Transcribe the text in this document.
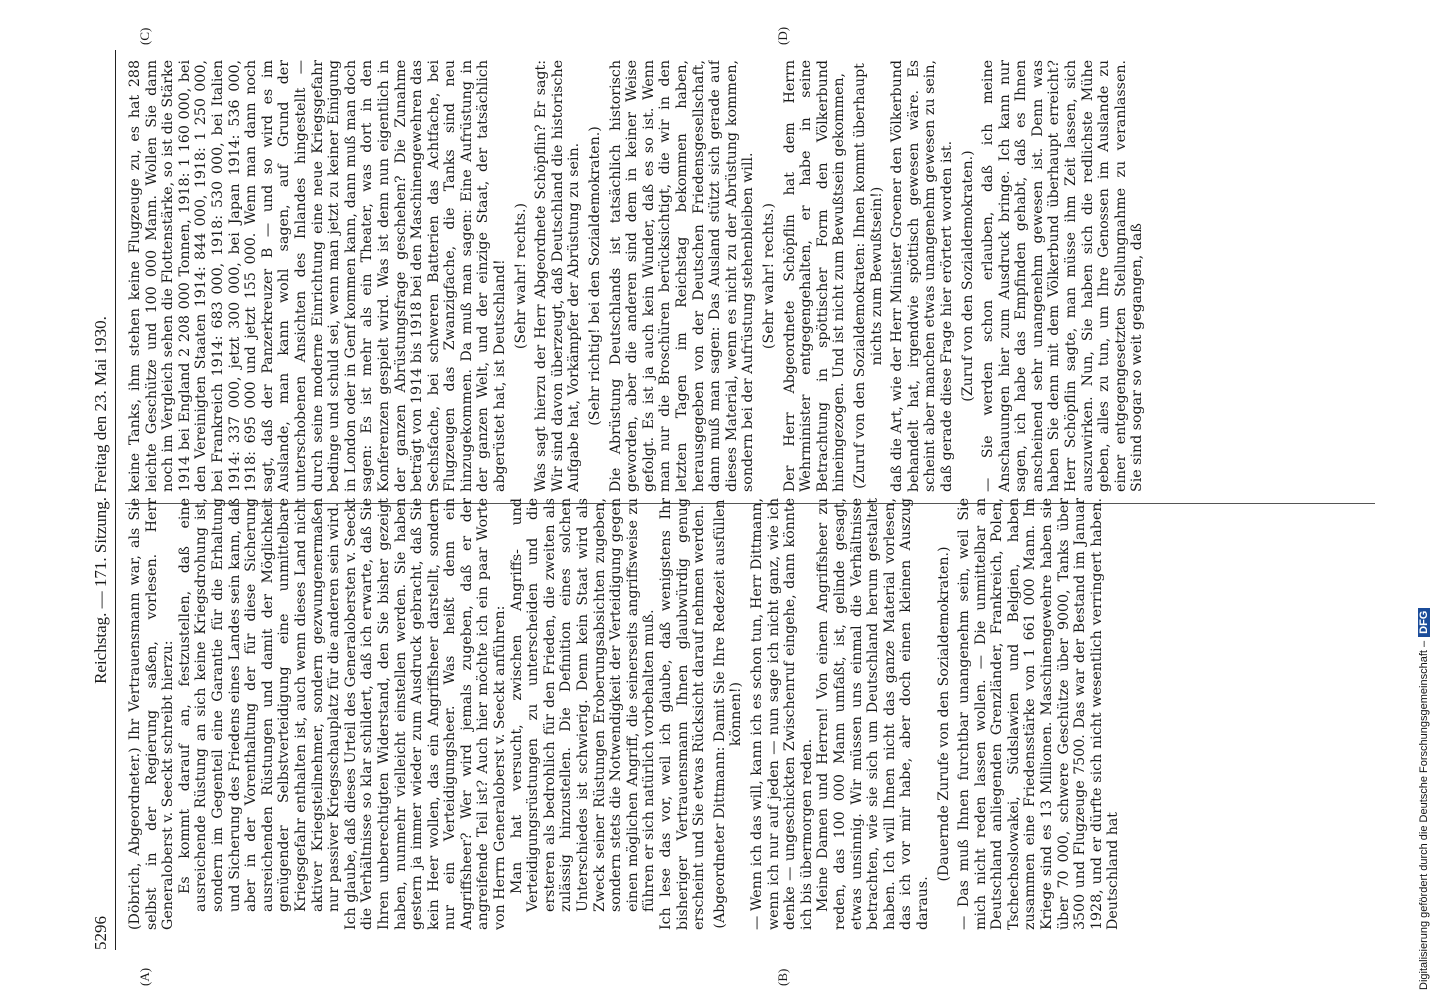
5296
Reichstag. — 171. Sitzung. Freitag den 23. Mai 1930.
(A)	(B)
(C)	(D)

(Döbrich, Abgeordneter.) Ihr Vertrauensmann war, als Sie selbst in der Regierung saßen, vorlesen. Herr Generaloberst v. Seeckt schreibt hierzu: Es kommt darauf an, festzustellen, daß eine ausreichende Rüstung an sich keine Kriegsdrohung ist, sondern im Gegenteil eine Garantie für die Erhaltung und Sicherung des Friedens eines Landes sein kann, daß aber in der Vorenthaltung der für diese Sicherung ausreichenden Rüstungen und damit der Möglichkeit genügender Selbstverteidigung eine unmittelbare Kriegsgefahr enthalten ist, auch wenn dieses Land nicht aktiver Kriegsteilnehmer, sondern gezwungenermaßen nur passiver Kriegsschauplatz für die anderen sein wird. Ich glaube, daß dieses Urteil des Generalobersten v. Seeckt die Verhältnisse so klar schildert, daß ich erwarte, daß Sie Ihren unberechtigten Widerstand, den Sie bisher gezeigt haben, nunmehr vielleicht einstellen werden. Sie haben gestern ja immer wieder zum Ausdruck gebracht, daß Sie kein Heer wollen, das ein Angriffsheer darstellt, sondern nur ein Verteidigungsheer. Was heißt denn ein Angriffsheer? Wer wird jemals zugeben, daß er der angreifende Teil ist? Auch hier möchte ich ein paar Worte von Herrn Generaloberst v. Seeckt anführen: Man hat versucht, zwischen Angriffs- und Verteidigungsrüstungen zu unterscheiden und die ersteren als bedrohlich für den Frieden, die zweiten als zulässig hinzustellen. Die Definition eines solchen Unterschiedes ist schwierig. Denn kein Staat wird als Zweck seiner Rüstungen Eroberungsabsichten zugeben, sondern stets die Notwendigkeit der Verteidigung gegen einen möglichen Angriff, die seinerseits angriffsweise zu führen er sich natürlich vorbehalten muß. Ich lese das vor, weil ich glaube, daß wenigstens Ihr bisheriger Vertrauensmann Ihnen glaubwürdig genug erscheint und Sie etwas Rücksicht darauf nehmen werden. (Abgeordneter Dittmann: Damit Sie Ihre Redezeit ausfüllen können!) — Wenn ich das will, kann ich es schon tun, Herr Dittmann, wenn ich nur auf jeden — nun sage ich nicht ganz, wie ich denke — ungeschickten Zwischenruf eingehe, dann könnte ich bis übermorgen reden. Meine Damen und Herren! Von einem Angriffsheer zu reden, das 100 000 Mann umfaßt, ist, gelinde gesagt, etwas unsinnig. Wir müssen uns einmal die Verhältnisse betrachten, wie sie sich um Deutschland herum gestaltet haben. Ich will Ihnen nicht das ganze Material vorlesen, das ich vor mir habe, aber doch einen kleinen Auszug daraus.

(Dauernde Zurufe von den Sozialdemokraten.) — Das muß Ihnen furchtbar unangenehm sein, weil Sie mich nicht reden lassen wollen. — Die unmittelbar an Deutschland anliegenden Grenzländer, Frankreich, Polen, Tschechoslowakei, Südslawien und Belgien, haben zusammen eine Friedensstärke von 1 661 000 Mann. Im Kriege sind es 13 Millionen. Maschinengewehre haben sie über 70 000, schwere Geschütze über 9000, Tanks über 3500 und Flugzeuge 7500. Das war der Bestand im Januar 1928, und er dürfte sich nicht wesentlich verringert haben. Deutschland hat

keine Tanks, ihm stehen keine Flugzeuge zu, es hat 288 leichte Geschütze und 100 000 Mann. Wollen Sie dann noch im Vergleich sehen die Flottenstärke, so ist die Stärke 1914 bei England 2 208 000 Tonnen, 1918: 1 160 000, bei den Vereinigten Staaten 1914: 844 000, 1918: 1 250 000, bei Frankreich 1914: 683 000, 1918: 530 000, bei Italien 1914: 337 000, jetzt 300 000, bei Japan 1914: 536 000, 1918: 695 000 und jetzt 155 000. Wenn man dann noch sagt, daß der Panzerkreuzer B — und so wird es im Auslande, man kann wohl sagen, auf Grund der unterschobenen Ansichten des Inlandes hingestellt — durch seine moderne Einrichtung eine neue Kriegsgefahr bedinge und schuld sei, wenn man jetzt zu keiner Einigung in London oder in Genf kommen kann, dann muß man doch sagen: Es ist mehr als ein Theater, was dort in den Konferenzen gespielt wird. Was ist denn nun eigentlich in der ganzen Abrüstungsfrage geschehen? Die Zunahme beträgt von 1914 bis 1918 bei den Maschinengewehren das Sechsfache, bei schweren Batterien das Achtfache, bei Flugzeugen das Zwanzigfache, die Tanks sind neu hinzugekommen. Da muß man sagen: Eine Aufrüstung in der ganzen Welt, und der einzige Staat, der tatsächlich abgerüstet hat, ist Deutschland! (Sehr wahr! rechts.) Was sagt hierzu der Herr Abgeordnete Schöpflin? Er sagt: Wir sind davon überzeugt, daß Deutschland die historische Aufgabe hat, Vorkämpfer der Abrüstung zu sein. (Sehr richtig! bei den Sozialdemokraten.) Die Abrüstung Deutschlands ist tatsächlich historisch geworden, aber die anderen sind dem in keiner Weise gefolgt. Es ist ja auch kein Wunder, daß es so ist. Wenn man nur die Broschüren berücksichtigt, die wir in den letzten Tagen im Reichstag bekommen haben, herausgegeben von der Deutschen Friedensgesellschaft, dann muß man sagen: Das Ausland stützt sich gerade auf dieses Material, wenn es nicht zu der Abrüstung kommen, sondern bei der Aufrüstung stehenbleiben will. (Sehr wahr! rechts.) Der Herr Abgeordnete Schöpflin hat dem Herrn Wehrminister entgegengehalten, er habe in seine Betrachtung in spöttischer Form den Völkerbund hineingezogen. Und ist nicht zum Bewußtsein gekommen, (Zuruf von den Sozialdemokraten: Ihnen kommt überhaupt nichts zum Bewußtsein!) daß die Art, wie der Herr Minister Groener den Völkerbund behandelt hat, irgendwie spöttisch gewesen wäre. Es scheint aber manchen etwas unangenehm gewesen zu sein, daß gerade diese Frage hier erörtert worden ist. (Zuruf von den Sozialdemokraten.) — Sie werden schon erlauben, daß ich meine Anschauungen hier zum Ausdruck bringe. Ich kann nur sagen, ich habe das Empfinden gehabt, daß es Ihnen anscheinend sehr unangenehm gewesen ist. Denn was haben Sie denn mit dem Völkerbund überhaupt erreicht? Herr Schöpflin sagte, man müsse ihm Zeit lassen, sich auszuwirken. Nun, Sie haben sich die redlichste Mühe geben, alles zu tun, um Ihre Genossen im Auslande zu einer entgegengesetzten Stellungnahme zu veranlassen. Sie sind sogar so weit gegangen, daß

Digitalisierung gefördert durch die Deutsche Forschungsgemeinschaft –DFG
